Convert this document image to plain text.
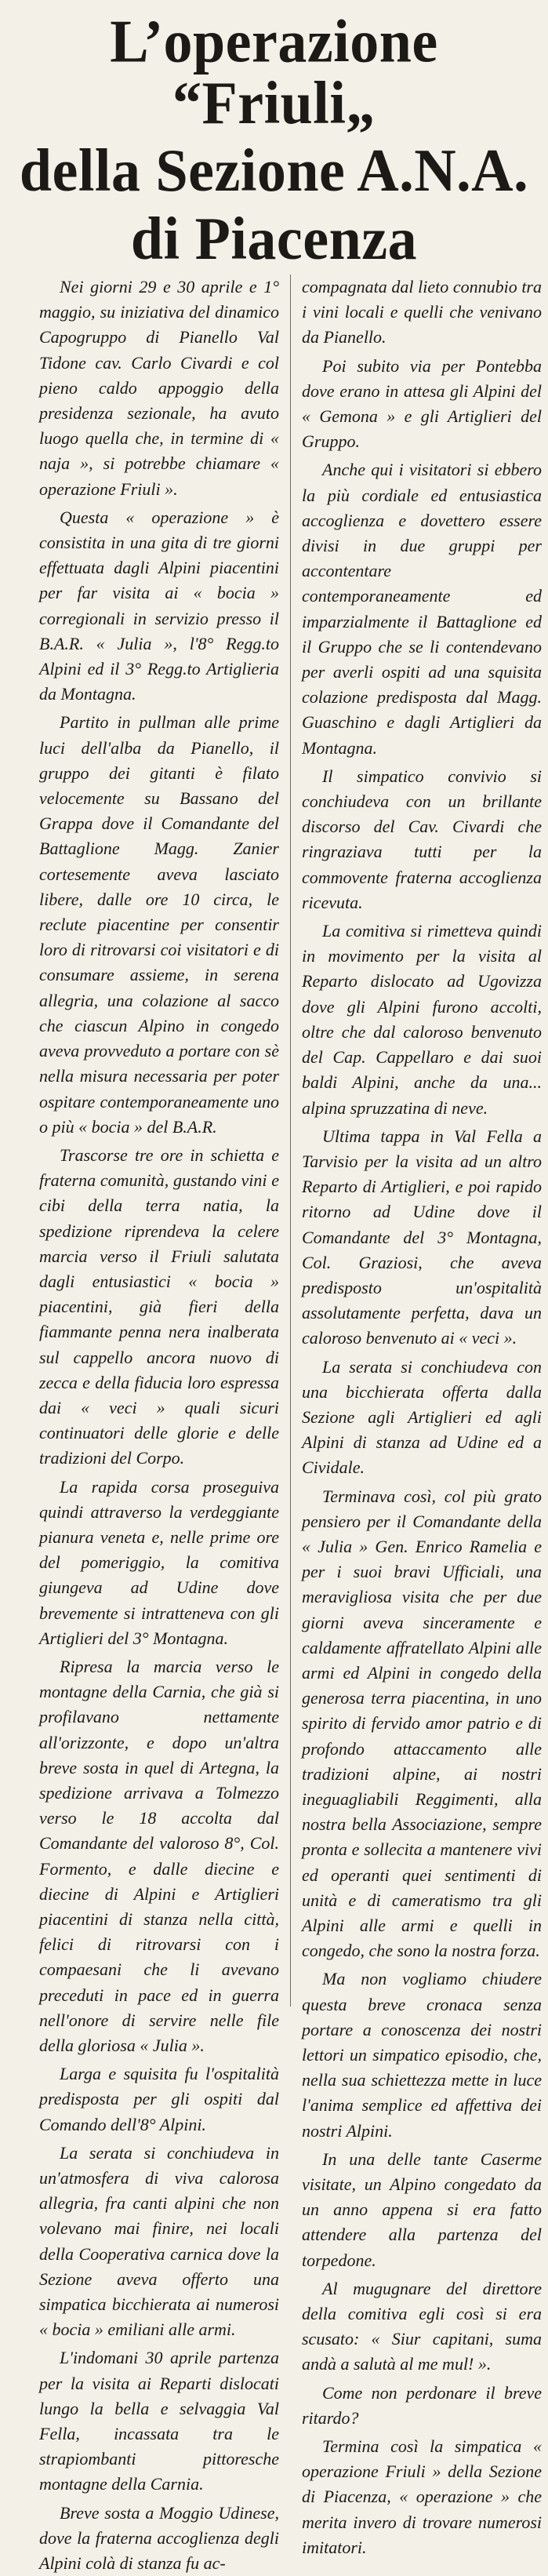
L’operazione “Friuli„
della Sezione A.N.A.
di Piacenza

Nei giorni 29 e 30 aprile e 1° maggio, su iniziativa del dinamico Capogruppo di Pianello Val Tidone cav. Carlo Civardi e col pieno caldo appoggio della presidenza sezionale, ha avuto luogo quella che, in termine di « naja », si potrebbe chiamare « operazione Friuli ».

Questa « operazione » è consistita in una gita di tre giorni effettuata dagli Alpini piacentini per far visita ai « bocia » corregionali in servizio presso il B.A.R. « Julia », l'8° Regg.to Alpini ed il 3° Regg.to Artiglieria da Montagna.

Partito in pullman alle prime luci dell'alba da Pianello, il gruppo dei gitanti è filato velocemente su Bassano del Grappa dove il Comandante del Battaglione Magg. Zanier cortesemente aveva lasciato libere, dalle ore 10 circa, le reclute piacentine per consentir loro di ritrovarsi coi visitatori e di consumare assieme, in serena allegria, una colazione al sacco che ciascun Alpino in congedo aveva provveduto a portare con sè nella misura necessaria per poter ospitare contemporaneamente uno o più « bocia » del B.A.R.

Trascorse tre ore in schietta e fraterna comunità, gustando vini e cibi della terra natia, la spedizione riprendeva la celere marcia verso il Friuli salutata dagli entusiastici « bocia » piacentini, già fieri della fiammante penna nera inalberata sul cappello ancora nuovo di zecca e della fiducia loro espressa dai « veci » quali sicuri continuatori delle glorie e delle tradizioni del Corpo.

La rapida corsa proseguiva quindi attraverso la verdeggiante pianura veneta e, nelle prime ore del pomeriggio, la comitiva giungeva ad Udine dove brevemente si intratteneva con gli Artiglieri del 3° Montagna.

Ripresa la marcia verso le montagne della Carnia, che già si profilavano nettamente all'orizzonte, e dopo un'altra breve sosta in quel di Artegna, la spedizione arrivava a Tolmezzo verso le 18 accolta dal Comandante del valoroso 8°, Col. Formento, e dalle diecine e diecine di Alpini e Artiglieri piacentini di stanza nella città, felici di ritrovarsi con i compaesani che li avevano preceduti in pace ed in guerra nell'onore di servire nelle file della gloriosa « Julia ».

Larga e squisita fu l'ospitalità predisposta per gli ospiti dal Comando dell'8° Alpini.

La serata si conchiudeva in un'atmosfera di viva calorosa allegria, fra canti alpini che non volevano mai finire, nei locali della Cooperativa carnica dove la Sezione aveva offerto una simpatica bicchierata ai numerosi « bocia » emiliani alle armi.

L'indomani 30 aprile partenza per la visita ai Reparti dislocati lungo la bella e selvaggia Val Fella, incassata tra le strapiombanti pittoresche montagne della Carnia.

Breve sosta a Moggio Udinese, dove la fraterna accoglienza degli Alpini colà di stanza fu ac-

compagnata dal lieto connubio tra i vini locali e quelli che venivano da Pianello.

Poi subito via per Pontebba dove erano in attesa gli Alpini del « Gemona » e gli Artiglieri del Gruppo.

Anche qui i visitatori si ebbero la più cordiale ed entusiastica accoglienza e dovettero essere divisi in due gruppi per accontentare contemporaneamente ed imparzialmente il Battaglione ed il Gruppo che se li contendevano per averli ospiti ad una squisita colazione predisposta dal Magg. Guaschino e dagli Artiglieri da Montagna.

Il simpatico convivio si conchiudeva con un brillante discorso del Cav. Civardi che ringraziava tutti per la commovente fraterna accoglienza ricevuta.

La comitiva si rimetteva quindi in movimento per la visita al Reparto dislocato ad Ugovizza dove gli Alpini furono accolti, oltre che dal caloroso benvenuto del Cap. Cappellaro e dai suoi baldi Alpini, anche da una... alpina spruzzatina di neve.

Ultima tappa in Val Fella a Tarvisio per la visita ad un altro Reparto di Artiglieri, e poi rapido ritorno ad Udine dove il Comandante del 3° Montagna, Col. Graziosi, che aveva predisposto un'ospitalità assolutamente perfetta, dava un caloroso benvenuto ai « veci ».

La serata si conchiudeva con una bicchierata offerta dalla Sezione agli Artiglieri ed agli Alpini di stanza ad Udine ed a Cividale.

Terminava così, col più grato pensiero per il Comandante della « Julia » Gen. Enrico Ramelia e per i suoi bravi Ufficiali, una meravigliosa visita che per due giorni aveva sinceramente e caldamente affratellato Alpini alle armi ed Alpini in congedo della generosa terra piacentina, in uno spirito di fervido amor patrio e di profondo attaccamento alle tradizioni alpine, ai nostri ineguagliabili Reggimenti, alla nostra bella Associazione, sempre pronta e sollecita a mantenere vivi ed operanti quei sentimenti di unità e di cameratismo tra gli Alpini alle armi e quelli in congedo, che sono la nostra forza.

Ma non vogliamo chiudere questa breve cronaca senza portare a conoscenza dei nostri lettori un simpatico episodio, che, nella sua schiettezza mette in luce l'anima semplice ed affettiva dei nostri Alpini.

In una delle tante Caserme visitate, un Alpino congedato da un anno appena si era fatto attendere alla partenza del torpedone.

Al mugugnare del direttore della comitiva egli così si era scusato: « Siur capitani, suma andà a salutà al me mul! ».

Come non perdonare il breve ritardo?

Termina così la simpatica « operazione Friuli » della Sezione di Piacenza, « operazione » che merita invero di trovare numerosi imitatori.
